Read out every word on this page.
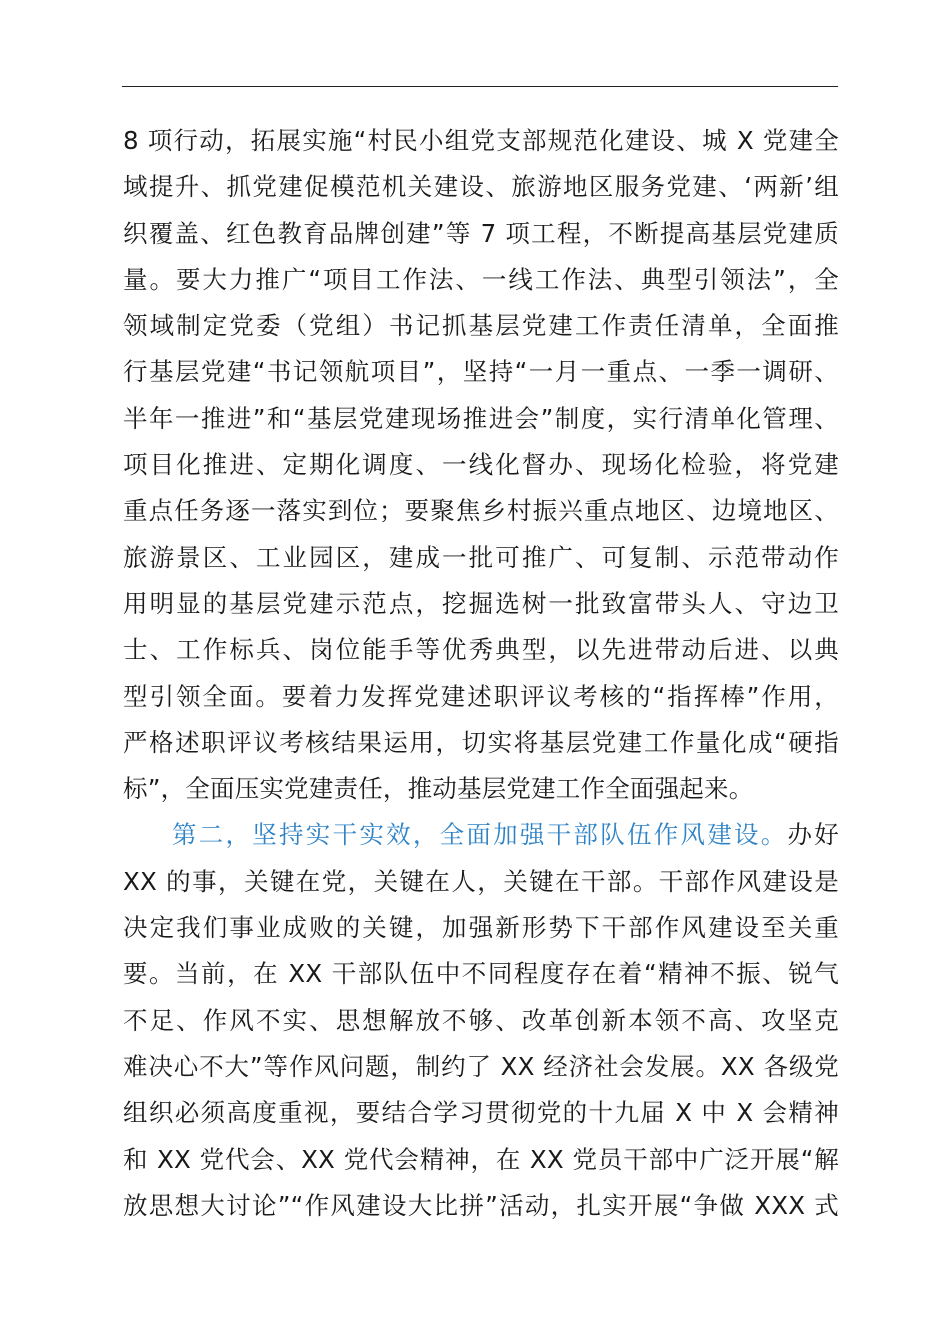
8 项行动，拓展实施“村民小组党支部规范化建设、城 X 党建全
域提升、抓党建促模范机关建设、旅游地区服务党建、‘两新’组
织覆盖、红色教育品牌创建”等 7 项工程，不断提高基层党建质
量。要大力推广“项目工作法、一线工作法、典型引领法”，全
领域制定党委（党组）书记抓基层党建工作责任清单，全面推
行基层党建“书记领航项目”，坚持“一月一重点、一季一调研、
半年一推进”和“基层党建现场推进会”制度，实行清单化管理、
项目化推进、定期化调度、一线化督办、现场化检验，将党建
重点任务逐一落实到位；要聚焦乡村振兴重点地区、边境地区、
旅游景区、工业园区，建成一批可推广、可复制、示范带动作
用明显的基层党建示范点，挖掘选树一批致富带头人、守边卫
士、工作标兵、岗位能手等优秀典型，以先进带动后进、以典
型引领全面。要着力发挥党建述职评议考核的“指挥棒”作用，
严格述职评议考核结果运用，切实将基层党建工作量化成“硬指
标”，全面压实党建责任，推动基层党建工作全面强起来。
第二，坚持实干实效，全面加强干部队伍作风建设。办好
XX 的事，关键在党，关键在人，关键在干部。干部作风建设是
决定我们事业成败的关键，加强新形势下干部作风建设至关重
要。当前，在 XX 干部队伍中不同程度存在着“精神不振、锐气
不足、作风不实、思想解放不够、改革创新本领不高、攻坚克
难决心不大”等作风问题，制约了 XX 经济社会发展。XX 各级党
组织必须高度重视，要结合学习贯彻党的十九届 X 中 X 会精神
和 XX 党代会、XX 党代会精神，在 XX 党员干部中广泛开展“解
放思想大讨论”“作风建设大比拼”活动，扎实开展“争做 XXX 式
